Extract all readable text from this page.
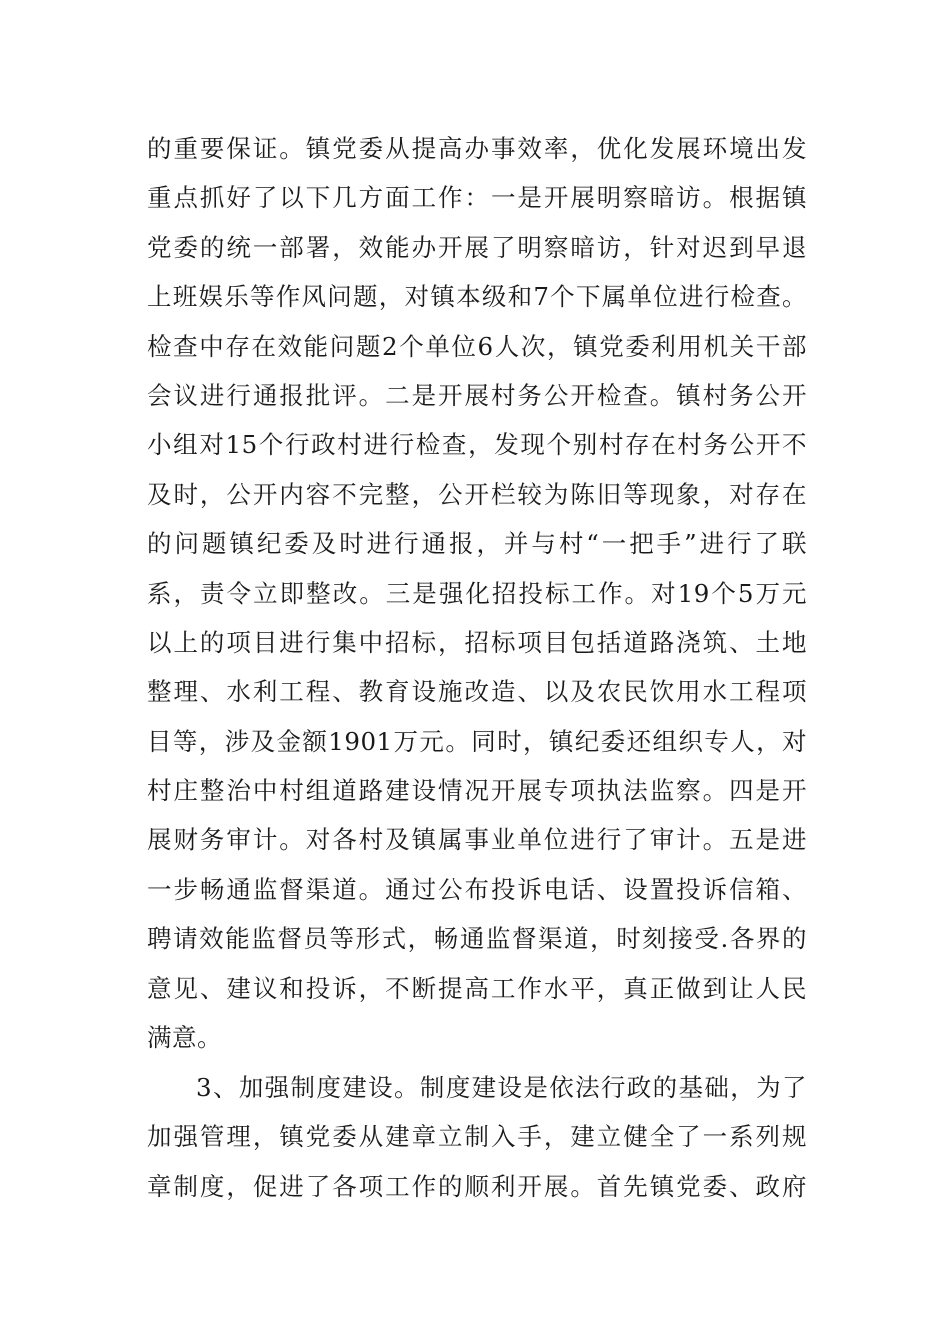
的重要保证。镇党委从提高办事效率，优化发展环境出发
重点抓好了以下几方面工作：一是开展明察暗访。根据镇
党委的统一部署，效能办开展了明察暗访，针对迟到早退
上班娱乐等作风问题，对镇本级和7个下属单位进行检查。
检查中存在效能问题2个单位6人次，镇党委利用机关干部
会议进行通报批评。二是开展村务公开检查。镇村务公开
小组对15个行政村进行检查，发现个别村存在村务公开不
及时，公开内容不完整，公开栏较为陈旧等现象，对存在
的问题镇纪委及时进行通报，并与村“一把手”进行了联
系，责令立即整改。三是强化招投标工作。对19个5万元
以上的项目进行集中招标，招标项目包括道路浇筑、土地
整理、水利工程、教育设施改造、以及农民饮用水工程项
目等，涉及金额1901万元。同时，镇纪委还组织专人，对
村庄整治中村组道路建设情况开展专项执法监察。四是开
展财务审计。对各村及镇属事业单位进行了审计。五是进
一步畅通监督渠道。通过公布投诉电话、设置投诉信箱、
聘请效能监督员等形式，畅通监督渠道，时刻接受.各界的
意见、建议和投诉，不断提高工作水平，真正做到让人民
满意。
3、加强制度建设。制度建设是依法行政的基础，为了
加强管理，镇党委从建章立制入手，建立健全了一系列规
章制度，促进了各项工作的顺利开展。首先镇党委、政府
